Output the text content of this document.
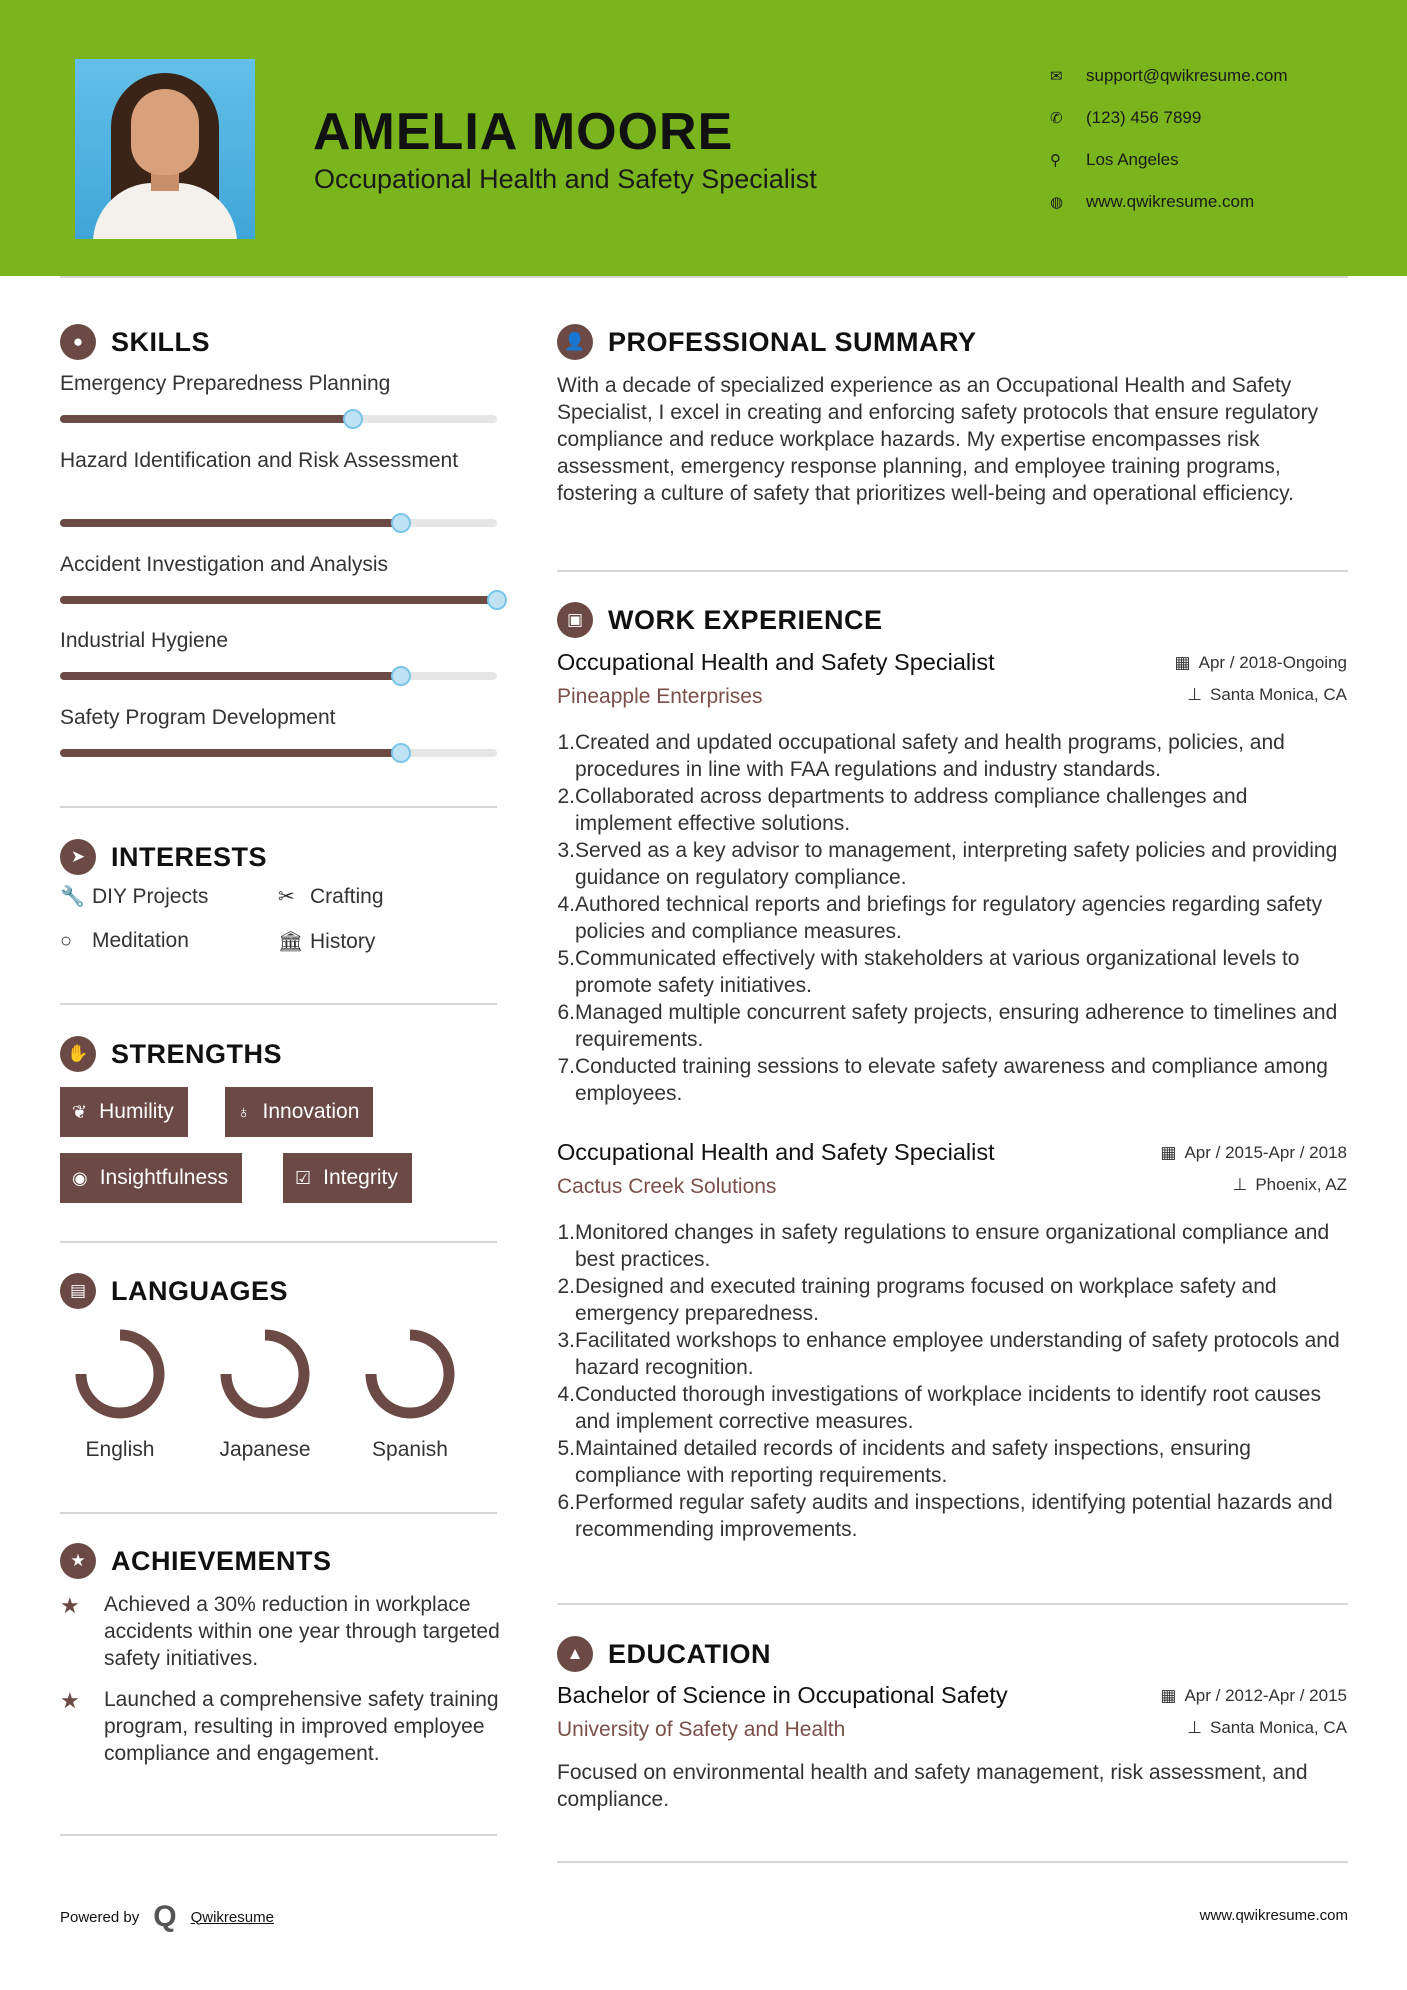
AMELIA MOORE
Occupational Health and Safety Specialist
✉	support@qwikresume.com
✆	(123) 456 7899
⚲	Los Angeles
◍	www.qwikresume.com
●	SKILLS
Emergency Preparedness Planning
Hazard Identification and Risk Assessment
Accident Investigation and Analysis
Industrial Hygiene
Safety Program Development
➤ INTERESTS
🔧 DIY Projects	✂ Crafting
○ Meditation	🏛 History
✋ STRENGTHS
❦ Humility	♁ Innovation
◉ Insightfulness	☑ Integrity
▤ LANGUAGES
English	Japanese	Spanish
★ ACHIEVEMENTS
★	Achieved a 30% reduction in workplace accidents within one year through targeted safety initiatives.
★	Launched a comprehensive safety training program, resulting in improved employee compliance and engagement.
👤 PROFESSIONAL SUMMARY
With a decade of specialized experience as an Occupational Health and Safety Specialist, I excel in creating and enforcing safety protocols that ensure regulatory compliance and reduce workplace hazards. My expertise encompasses risk assessment, emergency response planning, and employee training programs, fostering a culture of safety that prioritizes well-being and operational efficiency.
▣ WORK EXPERIENCE
Occupational Health and Safety Specialist
Pineapple Enterprises
▦ Apr / 2018-Ongoing
⊥ Santa Monica, CA
1. Created and updated occupational safety and health programs, policies, and procedures in line with FAA regulations and industry standards.
2. Collaborated across departments to address compliance challenges and implement effective solutions.
3. Served as a key advisor to management, interpreting safety policies and providing guidance on regulatory compliance.
4. Authored technical reports and briefings for regulatory agencies regarding safety policies and compliance measures.
5. Communicated effectively with stakeholders at various organizational levels to promote safety initiatives.
6. Managed multiple concurrent safety projects, ensuring adherence to timelines and requirements.
7. Conducted training sessions to elevate safety awareness and compliance among employees.
Occupational Health and Safety Specialist
Cactus Creek Solutions
▦ Apr / 2015-Apr / 2018
⊥ Phoenix, AZ
1. Monitored changes in safety regulations to ensure organizational compliance and best practices.
2. Designed and executed training programs focused on workplace safety and emergency preparedness.
3. Facilitated workshops to enhance employee understanding of safety protocols and hazard recognition.
4. Conducted thorough investigations of workplace incidents to identify root causes and implement corrective measures.
5. Maintained detailed records of incidents and safety inspections, ensuring compliance with reporting requirements.
6. Performed regular safety audits and inspections, identifying potential hazards and recommending improvements.
▲ EDUCATION
Bachelor of Science in Occupational Safety
University of Safety and Health
▦ Apr / 2012-Apr / 2015
⊥ Santa Monica, CA
Focused on environmental health and safety management, risk assessment, and compliance.
Powered by Q Qwikresume	www.qwikresume.com
